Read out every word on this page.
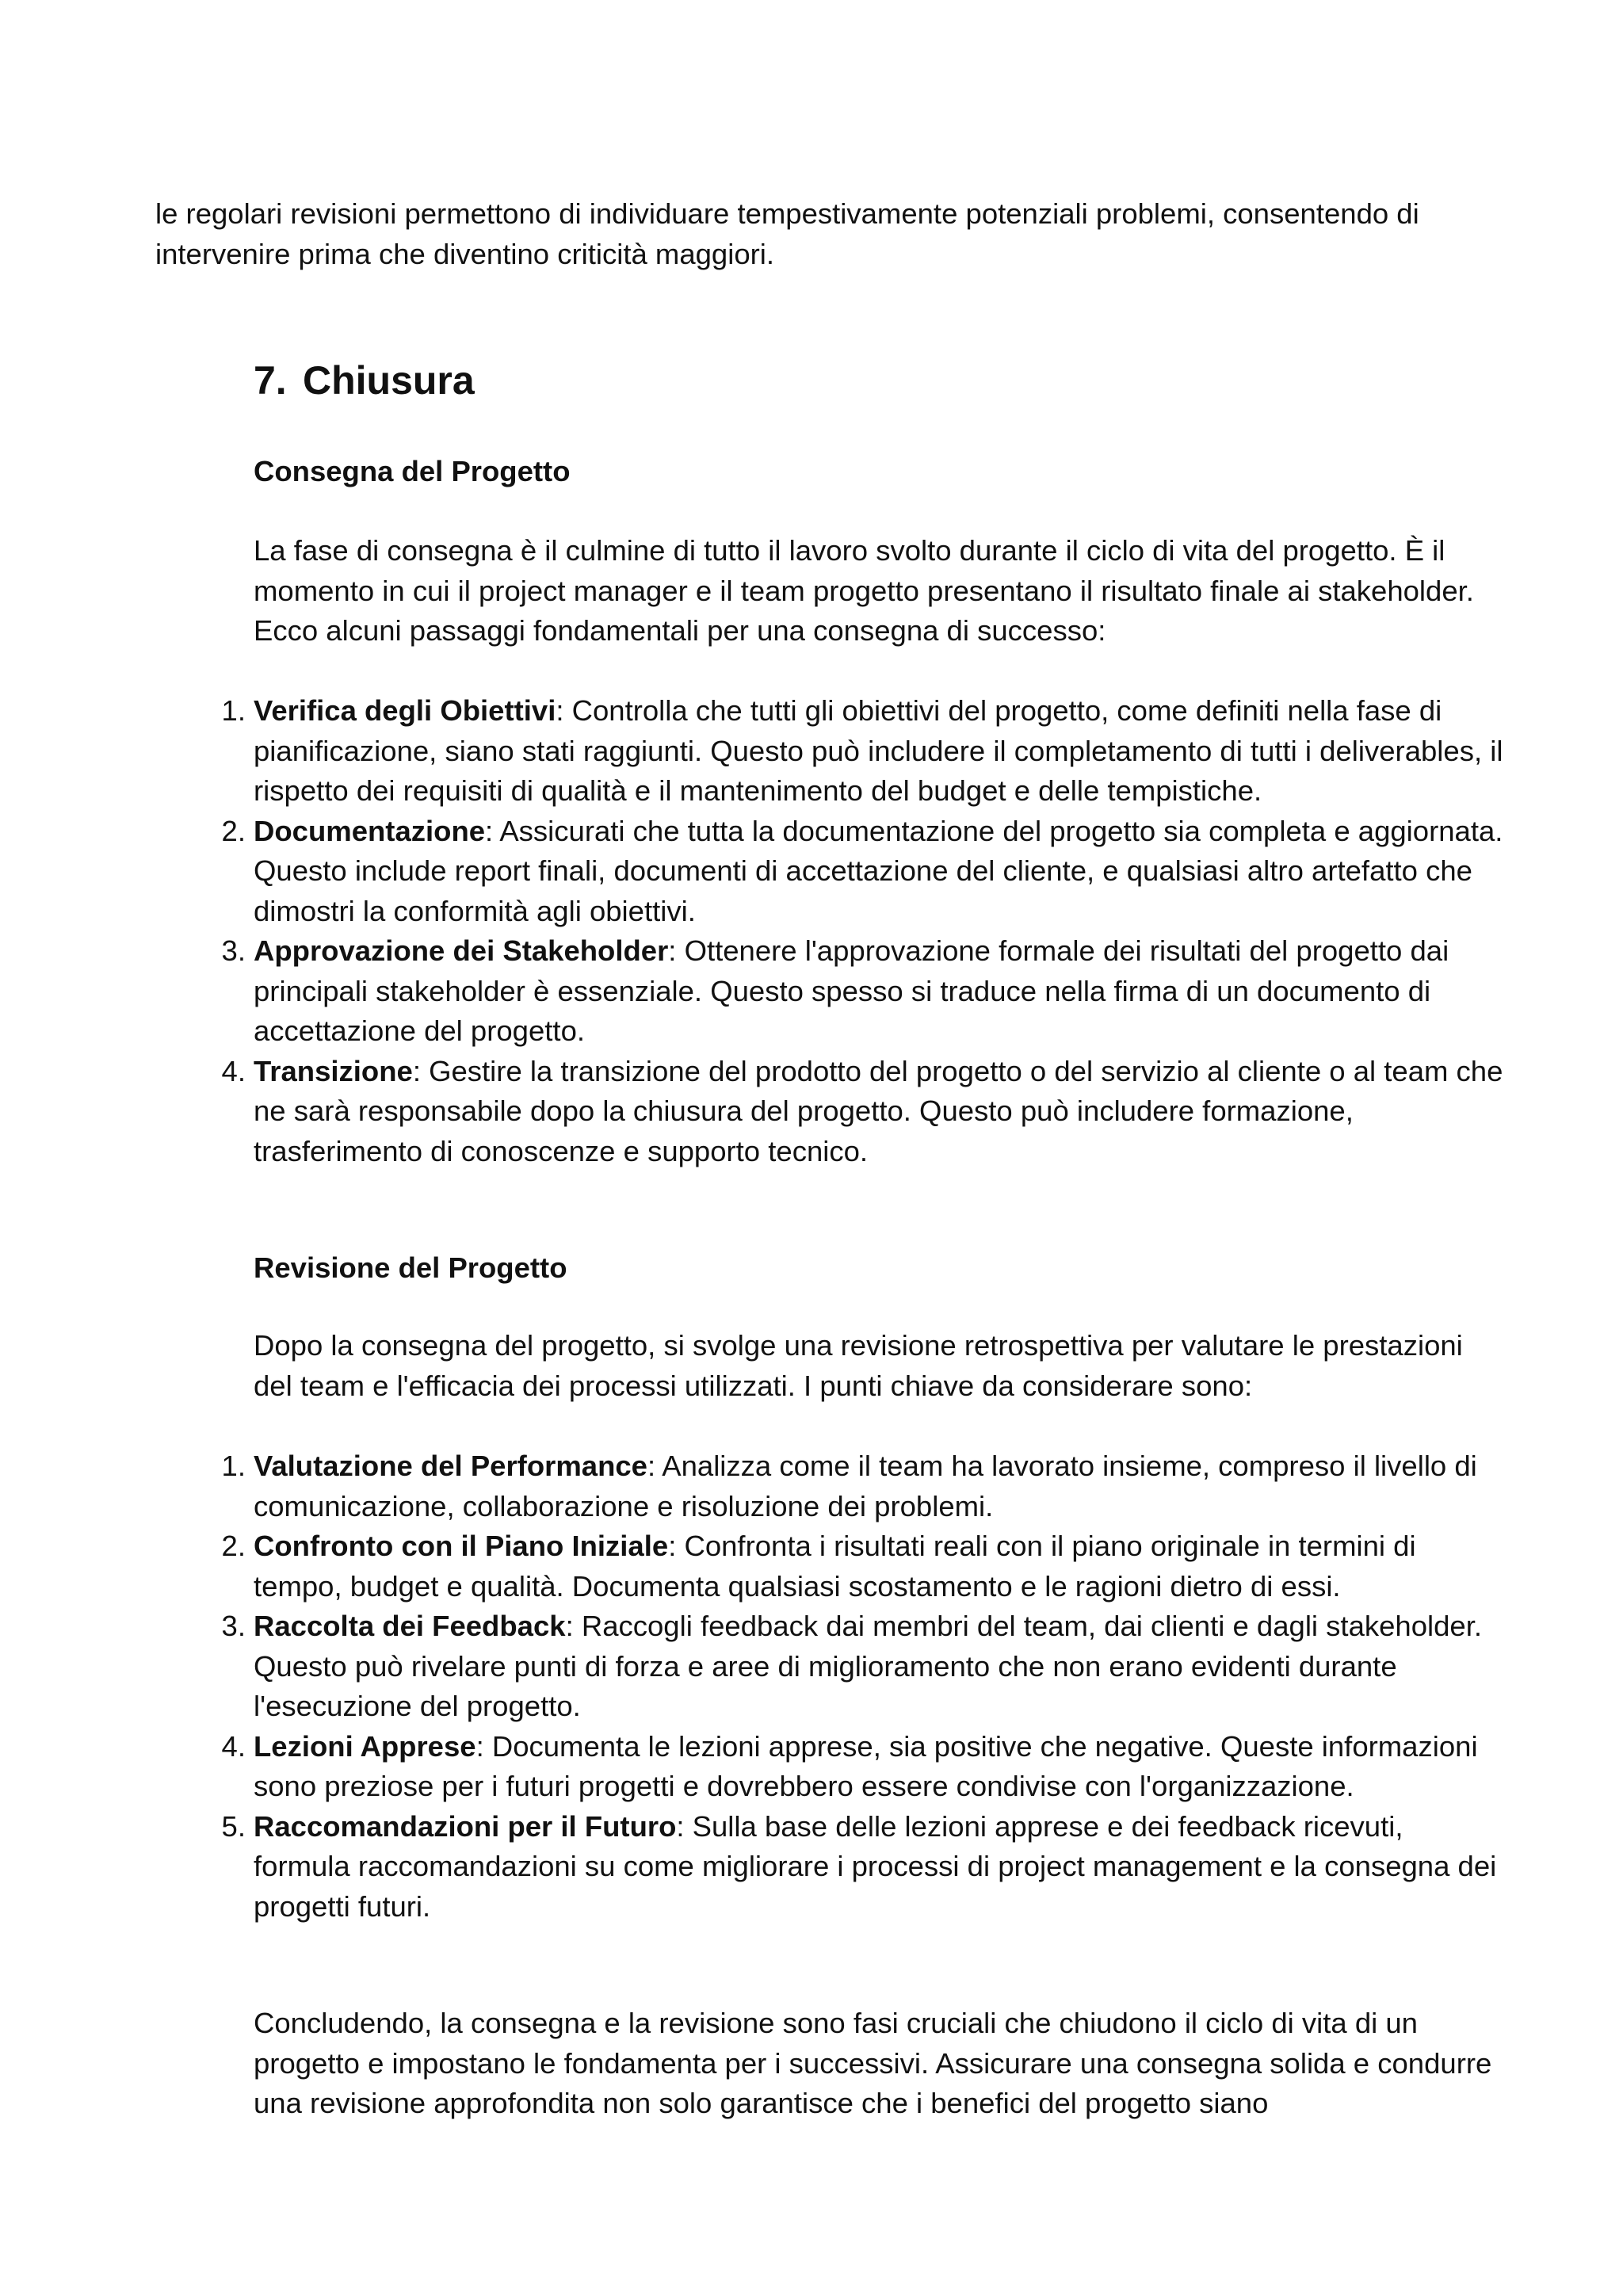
le regolari revisioni permettono di individuare tempestivamente potenziali problemi, consentendo di intervenire prima che diventino criticità maggiori.

7. Chiusura
Consegna del Progetto

La fase di consegna è il culmine di tutto il lavoro svolto durante il ciclo di vita del progetto. È il momento in cui il project manager e il team progetto presentano il risultato finale ai stakeholder. Ecco alcuni passaggi fondamentali per una consegna di successo:

1. Verifica degli Obiettivi: Controlla che tutti gli obiettivi del progetto, come definiti nella fase di pianificazione, siano stati raggiunti. Questo può includere il completamento di tutti i deliverables, il rispetto dei requisiti di qualità e il mantenimento del budget e delle tempistiche.
2. Documentazione: Assicurati che tutta la documentazione del progetto sia completa e aggiornata. Questo include report finali, documenti di accettazione del cliente, e qualsiasi altro artefatto che dimostri la conformità agli obiettivi.
3. Approvazione dei Stakeholder: Ottenere l'approvazione formale dei risultati del progetto dai principali stakeholder è essenziale. Questo spesso si traduce nella firma di un documento di accettazione del progetto.
4. Transizione: Gestire la transizione del prodotto del progetto o del servizio al cliente o al team che ne sarà responsabile dopo la chiusura del progetto. Questo può includere formazione, trasferimento di conoscenze e supporto tecnico.
Revisione del Progetto

Dopo la consegna del progetto, si svolge una revisione retrospettiva per valutare le prestazioni del team e l'efficacia dei processi utilizzati. I punti chiave da considerare sono:

1. Valutazione del Performance: Analizza come il team ha lavorato insieme, compreso il livello di comunicazione, collaborazione e risoluzione dei problemi.
2. Confronto con il Piano Iniziale: Confronta i risultati reali con il piano originale in termini di tempo, budget e qualità. Documenta qualsiasi scostamento e le ragioni dietro di essi.
3. Raccolta dei Feedback: Raccogli feedback dai membri del team, dai clienti e dagli stakeholder. Questo può rivelare punti di forza e aree di miglioramento che non erano evidenti durante l'esecuzione del progetto.
4. Lezioni Apprese: Documenta le lezioni apprese, sia positive che negative. Queste informazioni sono preziose per i futuri progetti e dovrebbero essere condivise con l'organizzazione.
5. Raccomandazioni per il Futuro: Sulla base delle lezioni apprese e dei feedback ricevuti, formula raccomandazioni su come migliorare i processi di project management e la consegna dei progetti futuri.

Concludendo, la consegna e la revisione sono fasi cruciali che chiudono il ciclo di vita di un progetto e impostano le fondamenta per i successivi. Assicurare una consegna solida e condurre una revisione approfondita non solo garantisce che i benefici del progetto siano
